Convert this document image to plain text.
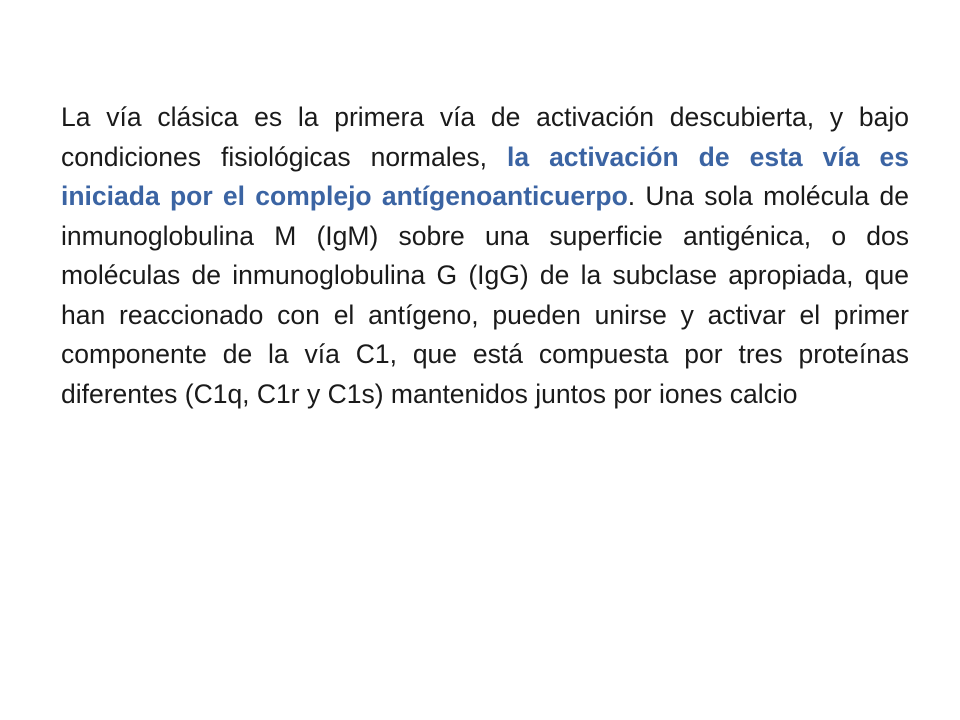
La vía clásica es la primera vía de activación descubierta, y bajo condiciones fisiológicas normales, la activación de esta vía es iniciada por el complejo antígenoanticuerpo. Una sola molécula de inmunoglobulina M (IgM) sobre una superficie antigénica, o dos moléculas de inmunoglobulina G (IgG) de la subclase apropiada, que han reaccionado con el antígeno, pueden unirse y activar el primer componente de la vía C1, que está compuesta por tres proteínas diferentes (C1q, C1r y C1s) mantenidos juntos por iones calcio
